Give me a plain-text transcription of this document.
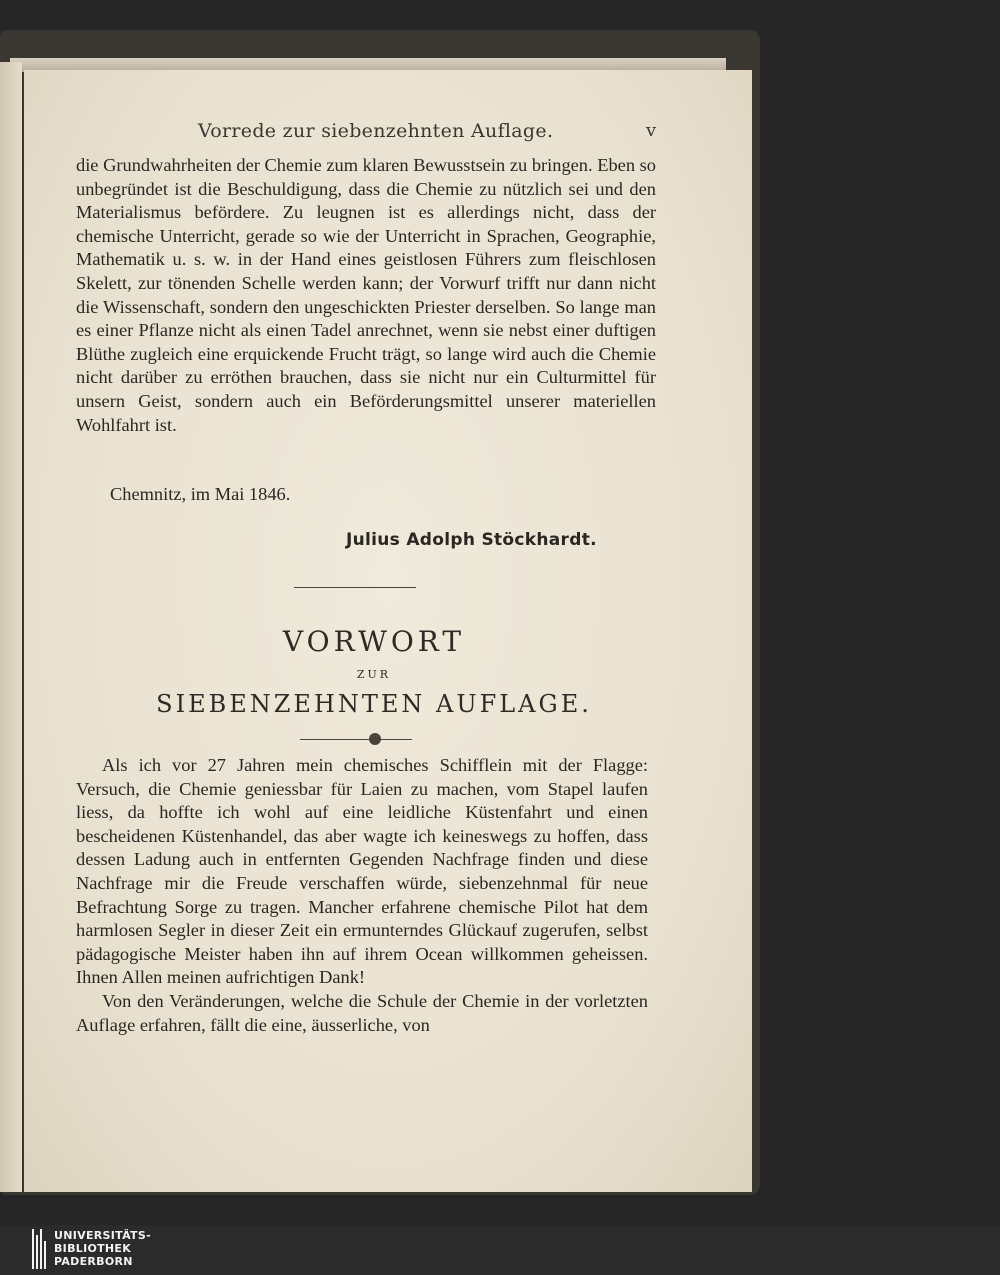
Vorrede zur siebenzehnten Auflage.	v

die Grundwahrheiten der Chemie zum klaren Bewusstsein zu bringen. Eben so unbegründet ist die Beschuldigung, dass die Chemie zu nützlich sei und den Materialismus befördere. Zu leugnen ist es allerdings nicht, dass der chemische Unterricht, gerade so wie der Unterricht in Sprachen, Geographie, Mathematik u. s. w. in der Hand eines geistlosen Führers zum fleischlosen Skelett, zur tönenden Schelle werden kann; der Vorwurf trifft nur dann nicht die Wissenschaft, sondern den ungeschickten Priester derselben. So lange man es einer Pflanze nicht als einen Tadel anrechnet, wenn sie nebst einer duftigen Blüthe zugleich eine erquickende Frucht trägt, so lange wird auch die Chemie nicht darüber zu erröthen brauchen, dass sie nicht nur ein Culturmittel für unsern Geist, sondern auch ein Beförderungsmittel unserer materiellen Wohlfahrt ist.

Chemnitz, im Mai 1846.
Julius Adolph Stöckhardt.
VORWORT
ZUR
SIEBENZEHNTEN AUFLAGE.

Als ich vor 27 Jahren mein chemisches Schifflein mit der Flagge: Versuch, die Chemie geniessbar für Laien zu machen, vom Stapel laufen liess, da hoffte ich wohl auf eine leidliche Küstenfahrt und einen bescheidenen Küstenhandel, das aber wagte ich keineswegs zu hoffen, dass dessen Ladung auch in entfernten Gegenden Nachfrage finden und diese Nachfrage mir die Freude verschaffen würde, siebenzehnmal für neue Befrachtung Sorge zu tragen. Mancher erfahrene chemische Pilot hat dem harmlosen Segler in dieser Zeit ein ermunterndes Glückauf zugerufen, selbst pädagogische Meister haben ihn auf ihrem Ocean willkommen geheissen. Ihnen Allen meinen aufrichtigen Dank!

Von den Veränderungen, welche die Schule der Chemie in der vorletzten Auflage erfahren, fällt die eine, äusserliche, von

UNIVERSITÄTS-
BIBLIOTHEK
PADERBORN
